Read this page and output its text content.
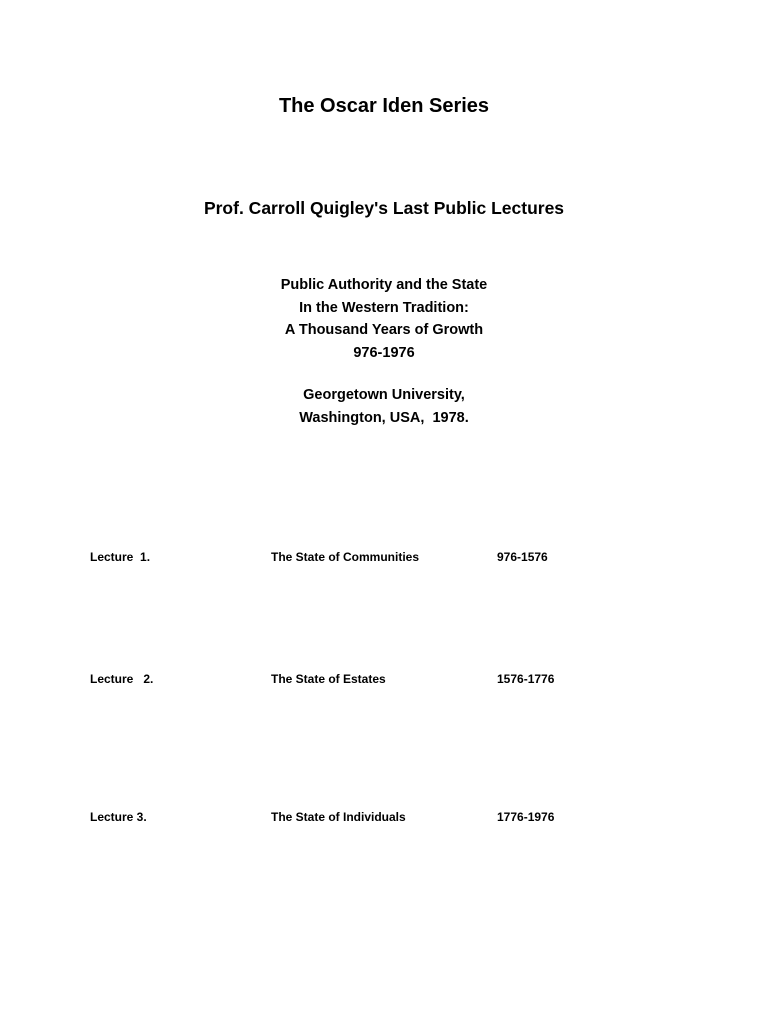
The Oscar Iden Series
Prof. Carroll Quigley's Last Public Lectures
Public Authority and the State
In the Western Tradition:
A Thousand Years of Growth
976-1976
Georgetown University,
Washington, USA,  1978.
Lecture  1.	The State of Communities	976-1576
Lecture   2.	The State of Estates	1576-1776
Lecture 3.	The State of Individuals	1776-1976
